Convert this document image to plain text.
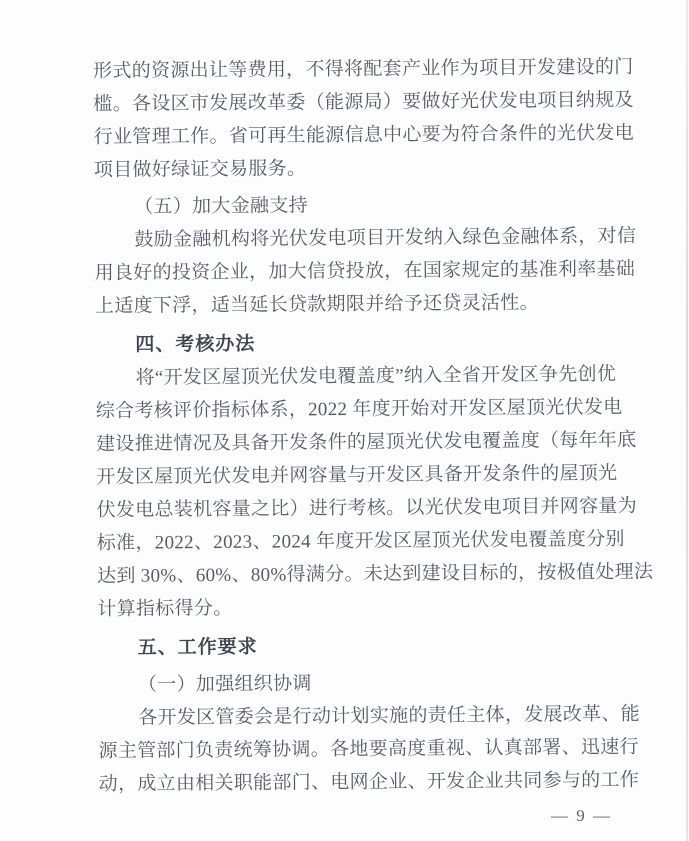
形式的资源出让等费用，不得将配套产业作为项目开发建设的门
槛。各设区市发展改革委（能源局）要做好光伏发电项目纳规及
行业管理工作。省可再生能源信息中心要为符合条件的光伏发电
项目做好绿证交易服务。
（五）加大金融支持
鼓励金融机构将光伏发电项目开发纳入绿色金融体系，对信
用良好的投资企业，加大信贷投放，在国家规定的基准利率基础
上适度下浮，适当延长贷款期限并给予还贷灵活性。
四、考核办法
将“开发区屋顶光伏发电覆盖度”纳入全省开发区争先创优
综合考核评价指标体系，2022 年度开始对开发区屋顶光伏发电
建设推进情况及具备开发条件的屋顶光伏发电覆盖度（每年年底
开发区屋顶光伏发电并网容量与开发区具备开发条件的屋顶光
伏发电总装机容量之比）进行考核。以光伏发电项目并网容量为
标准，2022、2023、2024 年度开发区屋顶光伏发电覆盖度分别
达到 30%、60%、80%得满分。未达到建设目标的，按极值处理法
计算指标得分。
五、工作要求
（一）加强组织协调
各开发区管委会是行动计划实施的责任主体，发展改革、能
源主管部门负责统筹协调。各地要高度重视、认真部署、迅速行
动，成立由相关职能部门、电网企业、开发企业共同参与的工作
— 9 —
